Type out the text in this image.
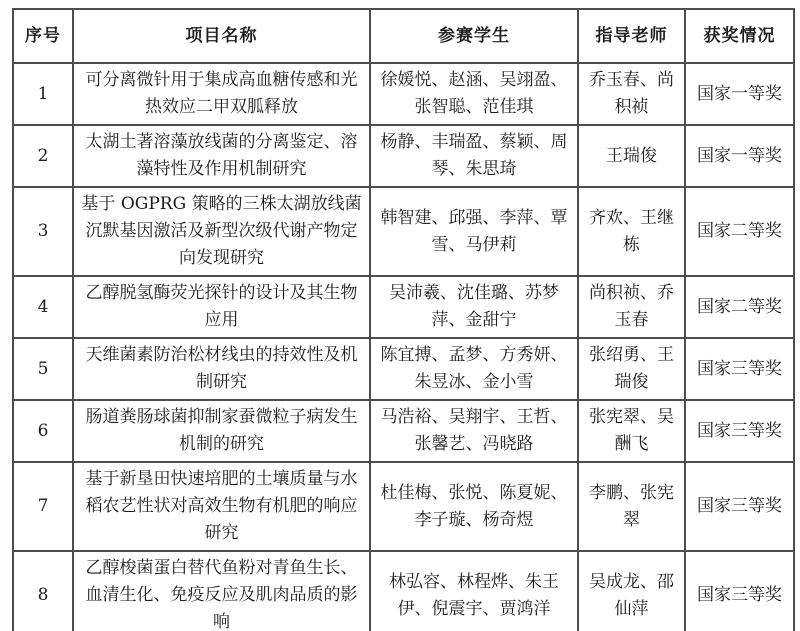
序号	项目名称	参赛学生	指导老师	获奖情况
1	可分离微针用于集成高血糖传感和光热效应二甲双胍释放	徐媛悦、赵涵、吴翊盈、张智聪、范佳琪	乔玉春、尚积祯	国家一等奖
2	太湖土著溶藻放线菌的分离鉴定、溶藻特性及作用机制研究	杨静、丰瑞盈、蔡颖、周琴、朱思琦	王瑞俊	国家一等奖
3	基于 OGPRG 策略的三株太湖放线菌沉默基因激活及新型次级代谢产物定向发现研究	韩智建、邱强、李萍、覃雪、马伊莉	齐欢、王继栋	国家二等奖
4	乙醇脱氢酶荧光探针的设计及其生物应用	吴沛羲、沈佳璐、苏梦萍、金甜宁	尚积祯、乔玉春	国家二等奖
5	天维菌素防治松材线虫的持效性及机制研究	陈宜搏、孟梦、方秀妍、朱昱冰、金小雪	张绍勇、王瑞俊	国家三等奖
6	肠道粪肠球菌抑制家蚕微粒子病发生机制的研究	马浩裕、吴翔宇、王哲、张馨艺、冯晓路	张宪翠、吴酬飞	国家三等奖
7	基于新垦田快速培肥的土壤质量与水稻农艺性状对高效生物有机肥的响应研究	杜佳梅、张悦、陈夏妮、李子璇、杨奇煜	李鹏、张宪翠	国家三等奖
8	乙醇梭菌蛋白替代鱼粉对青鱼生长、血清生化、免疫反应及肌肉品质的影响	林弘容、林程烨、朱王伊、倪震宇、贾鸿洋	吴成龙、邵仙萍	国家三等奖
